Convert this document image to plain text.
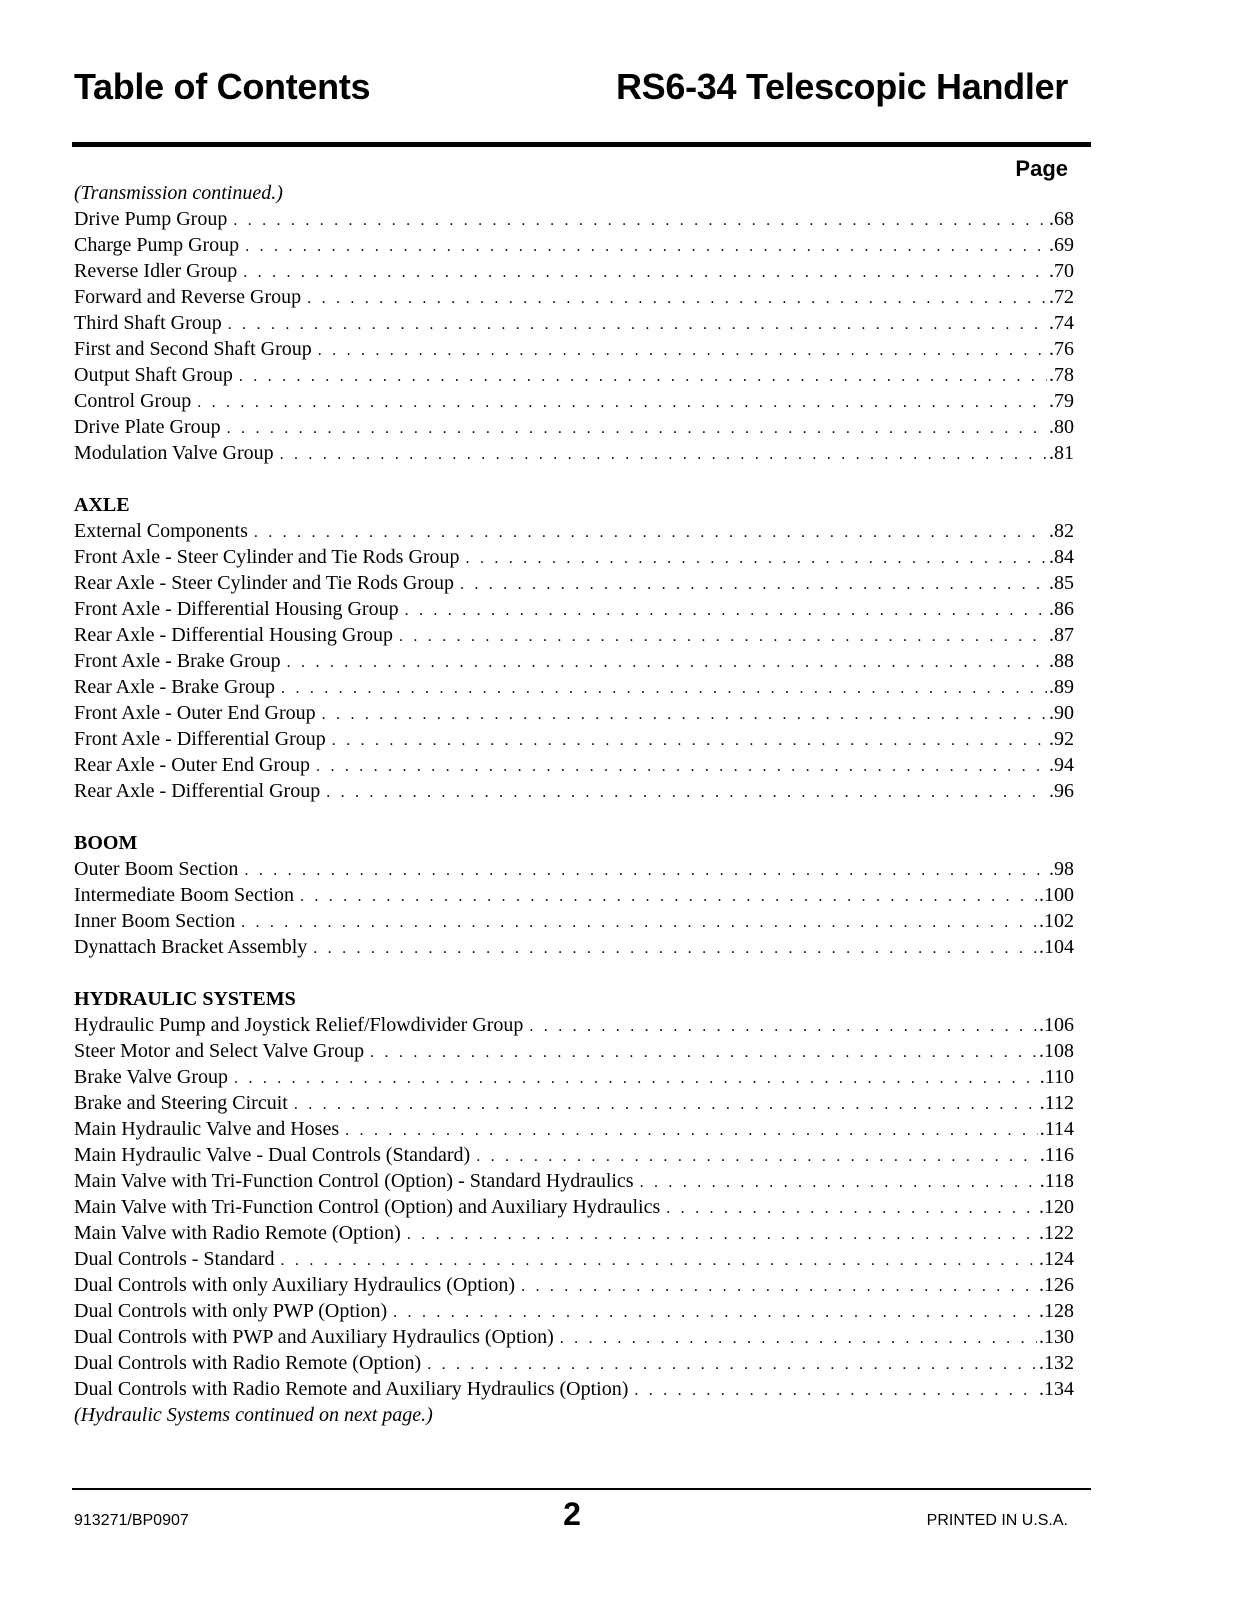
Table of Contents	RS6-34 Telescopic Handler
Page
(Transmission continued.)
Drive Pump Group . . .	.68
Charge Pump Group . . .	.69
Reverse Idler Group . . .	.70
Forward and Reverse Group . . .	.72
Third Shaft Group . . .	.74
First and Second Shaft Group . . .	.76
Output Shaft Group . . .	.78
Control Group . . .	.79
Drive Plate Group . . .	.80
Modulation Valve Group . . .	.81
AXLE
External Components . . .	.82
Front Axle - Steer Cylinder and Tie Rods Group . . .	.84
Rear Axle - Steer Cylinder and Tie Rods Group . . .	.85
Front Axle - Differential Housing Group . . .	.86
Rear Axle - Differential Housing Group . . .	.87
Front Axle - Brake Group . . .	.88
Rear Axle - Brake Group . . .	.89
Front Axle - Outer End Group . . .	.90
Front Axle - Differential Group . . .	.92
Rear Axle - Outer End Group . . .	.94
Rear Axle - Differential Group . . .	.96
BOOM
Outer Boom Section . . .	.98
Intermediate Boom Section . . .	.100
Inner Boom Section . . .	.102
Dynattach Bracket Assembly . . .	.104
HYDRAULIC SYSTEMS
Hydraulic Pump and Joystick Relief/Flowdivider Group . . .	.106
Steer Motor and Select Valve Group . . .	.108
Brake Valve Group . . .	.110
Brake and Steering Circuit . . .	.112
Main Hydraulic Valve and Hoses . . .	.114
Main Hydraulic Valve - Dual Controls (Standard) . . .	.116
Main Valve with Tri-Function Control (Option) - Standard Hydraulics . . .	.118
Main Valve with Tri-Function Control (Option) and Auxiliary Hydraulics . . .	.120
Main Valve with Radio Remote (Option) . . .	.122
Dual Controls - Standard . . .	.124
Dual Controls with only Auxiliary Hydraulics (Option) . . .	.126
Dual Controls with only PWP (Option) . . .	.128
Dual Controls with PWP and Auxiliary Hydraulics (Option) . . .	.130
Dual Controls with Radio Remote (Option) . . .	.132
Dual Controls with Radio Remote and Auxiliary Hydraulics (Option) . . .	.134
(Hydraulic Systems continued on next page.)
913271/BP0907	2	PRINTED IN U.S.A.
